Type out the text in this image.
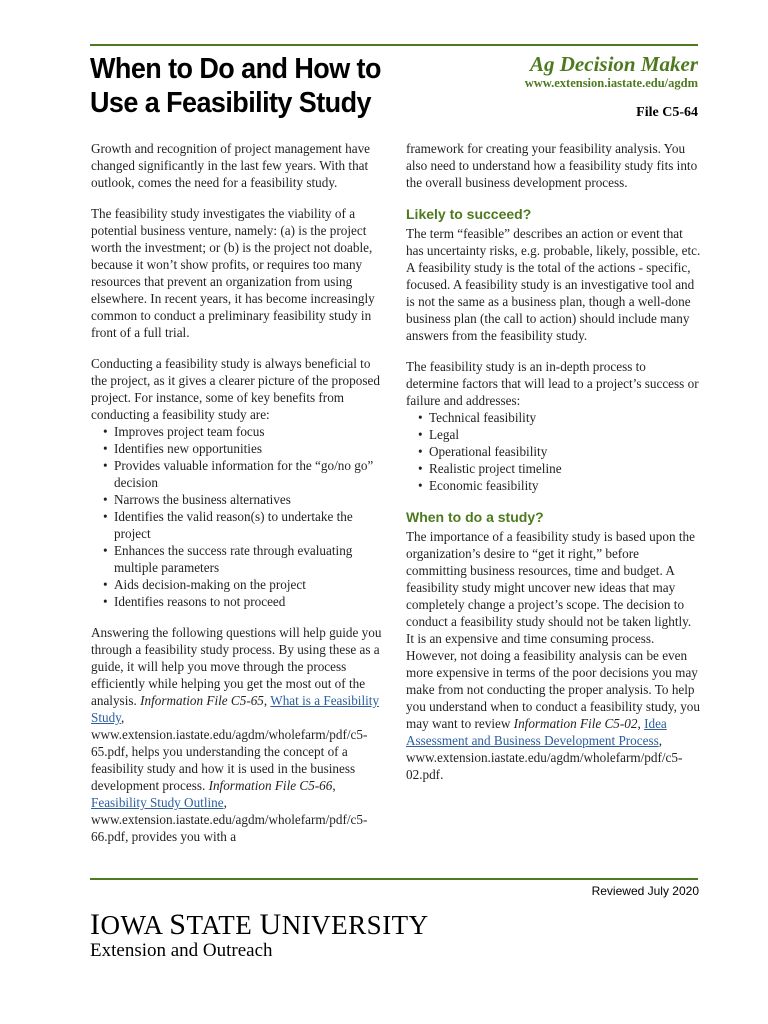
When to Do and How to
Use a Feasibility Study
Ag Decision Maker
www.extension.iastate.edu/agdm
File C5-64

Growth and recognition of project management have changed significantly in the last few years. With that outlook, comes the need for a feasibility study.

The feasibility study investigates the viability of a potential business venture, namely: (a) is the project worth the investment; or (b) is the project not doable, because it won’t show profits, or requires too many resources that prevent an organization from using elsewhere. In recent years, it has become increasingly common to conduct a preliminary feasibility study in front of a full trial.

Conducting a feasibility study is always beneficial to the project, as it gives a clearer picture of the proposed project. For instance, some of key benefits from conducting a feasibility study are:

• Improves project team focus
• Identifies new opportunities
• Provides valuable information for the “go/no go” decision
• Narrows the business alternatives
• Identifies the valid reason(s) to undertake the project
• Enhances the success rate through evaluating multiple parameters
• Aids decision-making on the project
• Identifies reasons to not proceed

Answering the following questions will help guide you through a feasibility study process. By using these as a guide, it will help you move through the process efficiently while helping you get the most out of the analysis. Information File C5-65, What is a Feasibility Study, www.extension.iastate.edu/agdm/wholefarm/pdf/c5-65.pdf, helps you understanding the concept of a feasibility study and how it is used in the business development process. Information File C5-66, Feasibility Study Outline, www.extension.iastate.edu/agdm/wholefarm/pdf/c5-66.pdf, provides you with a

framework for creating your feasibility analysis. You also need to understand how a feasibility study fits into the overall business development process.

Likely to succeed?

The term “feasible” describes an action or event that has uncertainty risks, e.g. probable, likely, possible, etc. A feasibility study is the total of the actions - specific, focused. A feasibility study is an investigative tool and is not the same as a business plan, though a well-done business plan (the call to action) should include many answers from the feasibility study.

The feasibility study is an in-depth process to determine factors that will lead to a project’s success or failure and addresses:

• Technical feasibility
• Legal
• Operational feasibility
• Realistic project timeline
• Economic feasibility
When to do a study?

The importance of a feasibility study is based upon the organization’s desire to “get it right,” before committing business resources, time and budget. A feasibility study might uncover new ideas that may completely change a project’s scope. The decision to conduct a feasibility study should not be taken lightly. It is an expensive and time consuming process. However, not doing a feasibility analysis can be even more expensive in terms of the poor decisions you may make from not conducting the proper analysis. To help you understand when to conduct a feasibility study, you may want to review Information File C5-02, Idea Assessment and Business Development Process, www.extension.iastate.edu/agdm/wholefarm/pdf/c5-02.pdf.

Reviewed July 2020
IOWA STATE UNIVERSITY
Extension and Outreach
